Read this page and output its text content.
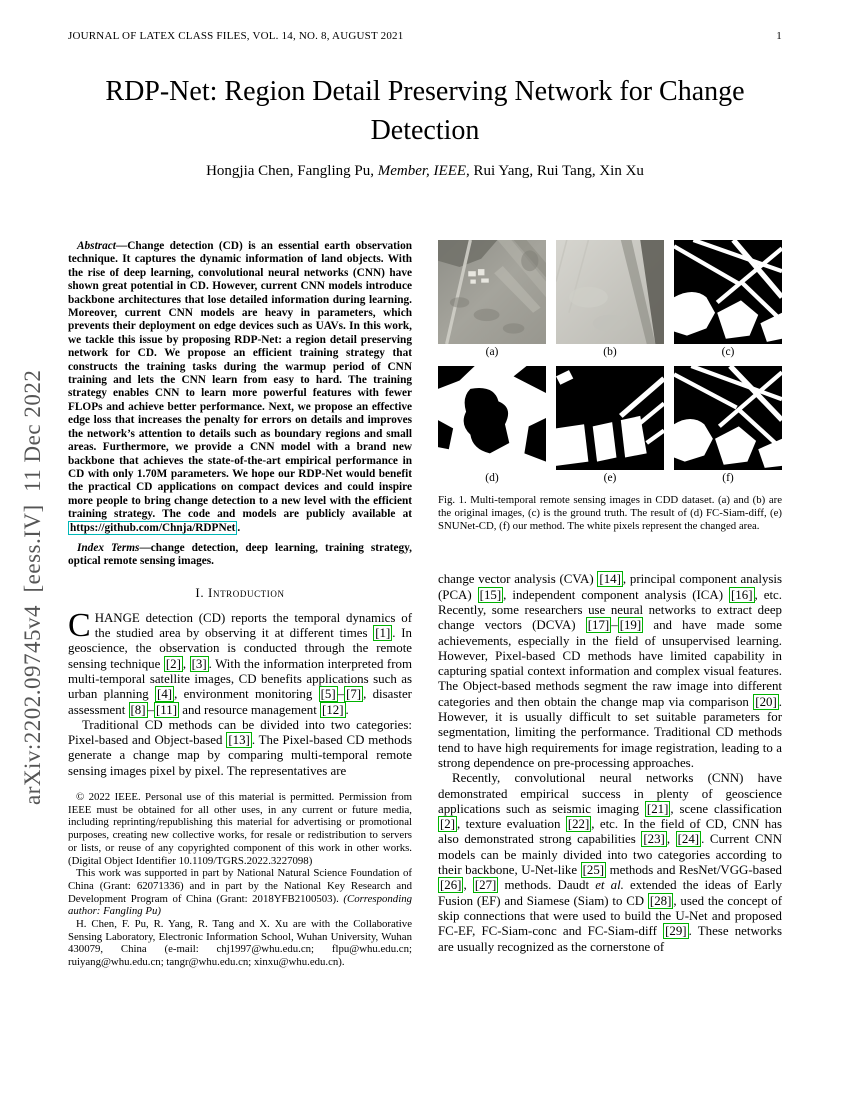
JOURNAL OF LATEX CLASS FILES, VOL. 14, NO. 8, AUGUST 2021	1
arXiv:2202.09745v4  [eess.IV]  11 Dec 2022
RDP-Net: Region Detail Preserving Network for Change Detection
Hongjia Chen, Fangling Pu, Member, IEEE, Rui Yang, Rui Tang, Xin Xu

Abstract—Change detection (CD) is an essential earth observation technique. It captures the dynamic information of land objects. With the rise of deep learning, convolutional neural networks (CNN) have shown great potential in CD. However, current CNN models introduce backbone architectures that lose detailed information during learning. Moreover, current CNN models are heavy in parameters, which prevents their deployment on edge devices such as UAVs. In this work, we tackle this issue by proposing RDP-Net: a region detail preserving network for CD. We propose an efficient training strategy that constructs the training tasks during the warmup period of CNN training and lets the CNN learn from easy to hard. The training strategy enables CNN to learn more powerful features with fewer FLOPs and achieve better performance. Next, we propose an effective edge loss that increases the penalty for errors on details and improves the network’s attention to details such as boundary regions and small areas. Furthermore, we provide a CNN model with a brand new backbone that achieves the state-of-the-art empirical performance in CD with only 1.70M parameters. We hope our RDP-Net would benefit the practical CD applications on compact devices and could inspire more people to bring change detection to a new level with the efficient training strategy. The code and models are publicly available at https://github.com/Chnja/RDPNet .

Index Terms—change detection, deep learning, training strategy, optical remote sensing images.

I. Introduction

CHANGE detection (CD) reports the temporal dynamics of the studied area by observing it at different times [1] . In geoscience, the observation is conducted through the remote sensing technique [2] , [3] . With the information interpreted from multi-temporal satellite images, CD benefits applications such as urban planning [4] , environment monitoring [5] – [7] , disaster assessment [8] – [11] and resource management [12] .

Traditional CD methods can be divided into two categories: Pixel-based and Object-based [13] . The Pixel-based CD methods generate a change map by comparing multi-temporal remote sensing images pixel by pixel. The representatives are

© 2022 IEEE. Personal use of this material is permitted. Permission from IEEE must be obtained for all other uses, in any current or future media, including reprinting/republishing this material for advertising or promotional purposes, creating new collective works, for resale or redistribution to servers or lists, or reuse of any copyrighted component of this work in other works. (Digital Object Identifier 10.1109/TGRS.2022.3227098)

This work was supported in part by National Natural Science Foundation of China (Grant: 62071336) and in part by the National Key Research and Development Program of China (Grant: 2018YFB2100503). (Corresponding author: Fangling Pu)

H. Chen, F. Pu, R. Yang, R. Tang and X. Xu are with the Collaborative Sensing Laboratory, Electronic Information School, Wuhan University, Wuhan 430079, China (e-mail: chj1997@whu.edu.cn; flpu@whu.edu.cn; ruiyang@whu.edu.cn; tangr@whu.edu.cn; xinxu@whu.edu.cn).

(a)	(b)	(c)
(d)	(e)	(f)

Fig. 1. Multi-temporal remote sensing images in CDD dataset. (a) and (b) are the original images, (c) is the ground truth. The result of (d) FC-Siam-diff, (e) SNUNet-CD, (f) our method. The white pixels represent the changed area.

change vector analysis (CVA) [14] , principal component analysis (PCA) [15] , independent component analysis (ICA) [16] , etc. Recently, some researchers use neural networks to extract deep change vectors (DCVA) [17] – [19] and have made some achievements, especially in the field of unsupervised learning. However, Pixel-based CD methods have limited capability in capturing spatial context information and complex visual features. The Object-based methods segment the raw image into different categories and then obtain the change map via comparison [20] . However, it is usually difficult to set suitable parameters for segmentation, limiting the performance. Traditional CD methods tend to have high requirements for image registration, leading to a strong dependence on pre-processing approaches.

Recently, convolutional neural networks (CNN) have demonstrated empirical success in plenty of geoscience applications such as seismic imaging [21] , scene classification [2] , texture evaluation [22] , etc. In the field of CD, CNN has also demonstrated strong capabilities [23] , [24] . Current CNN models can be mainly divided into two categories according to their backbone, U-Net-like [25] methods and ResNet/VGG-based [26] , [27] methods. Daudt et al. extended the ideas of Early Fusion (EF) and Siamese (Siam) to CD [28] , used the concept of skip connections that were used to build the U-Net and proposed FC-EF, FC-Siam-conc and FC-Siam-diff [29] . These networks are usually recognized as the cornerstone of
